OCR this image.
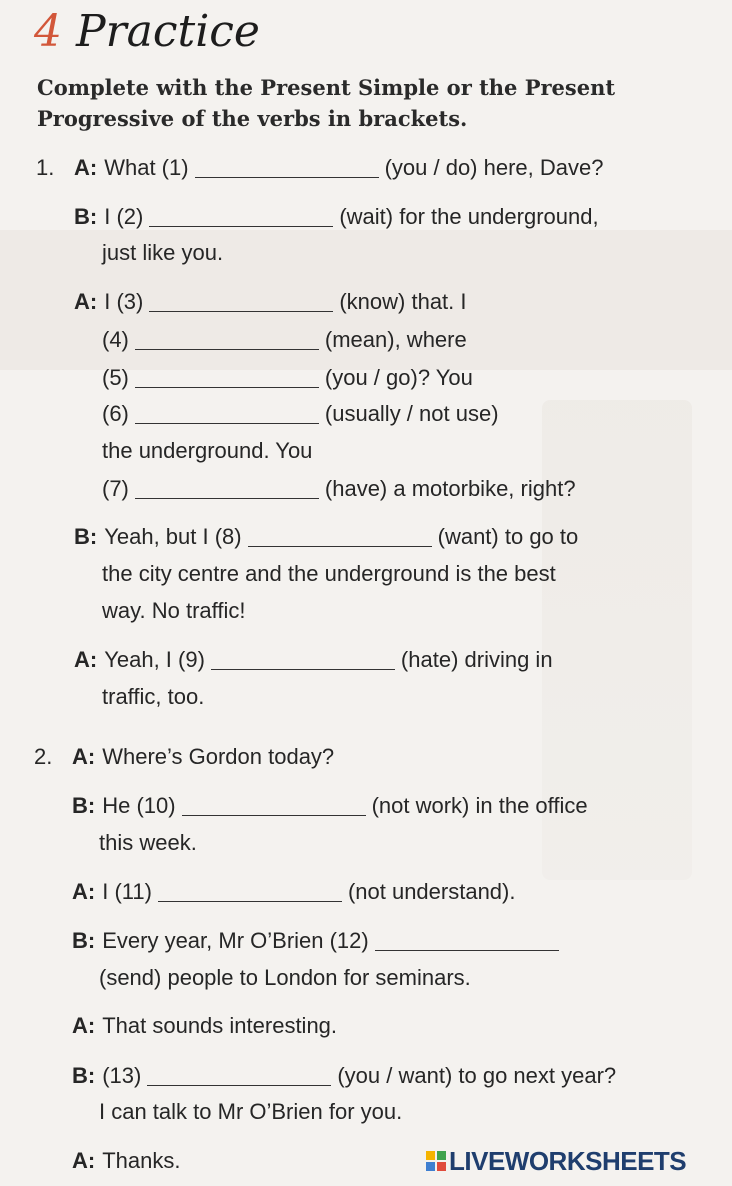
4 Practice
Complete with the Present Simple or the Present
Progressive of the verbs in brackets.
1. A: What (1)	(you / do) here, Dave?
B: I (2)	(wait) for the underground,
just like you.
A: I (3)	(know) that. I
(4)	(mean), where
(5)	(you / go)? You
(6)	(usually / not use)
the underground. You
(7)	(have) a motorbike, right?
B: Yeah, but I (8)	(want) to go to
the city centre and the underground is the best
way. No traffic!
A: Yeah, I (9)	(hate) driving in
traffic, too.
2. A: Where’s Gordon today?
B: He (10)	(not work) in the office
this week.
A: I (11)	(not understand).
B: Every year, Mr O’Brien (12)
(send) people to London for seminars.
A: That sounds interesting.
B: (13)	(you / want) to go next year?
I can talk to Mr O’Brien for you.
A: Thanks.	LIVEWORKSHEETS
